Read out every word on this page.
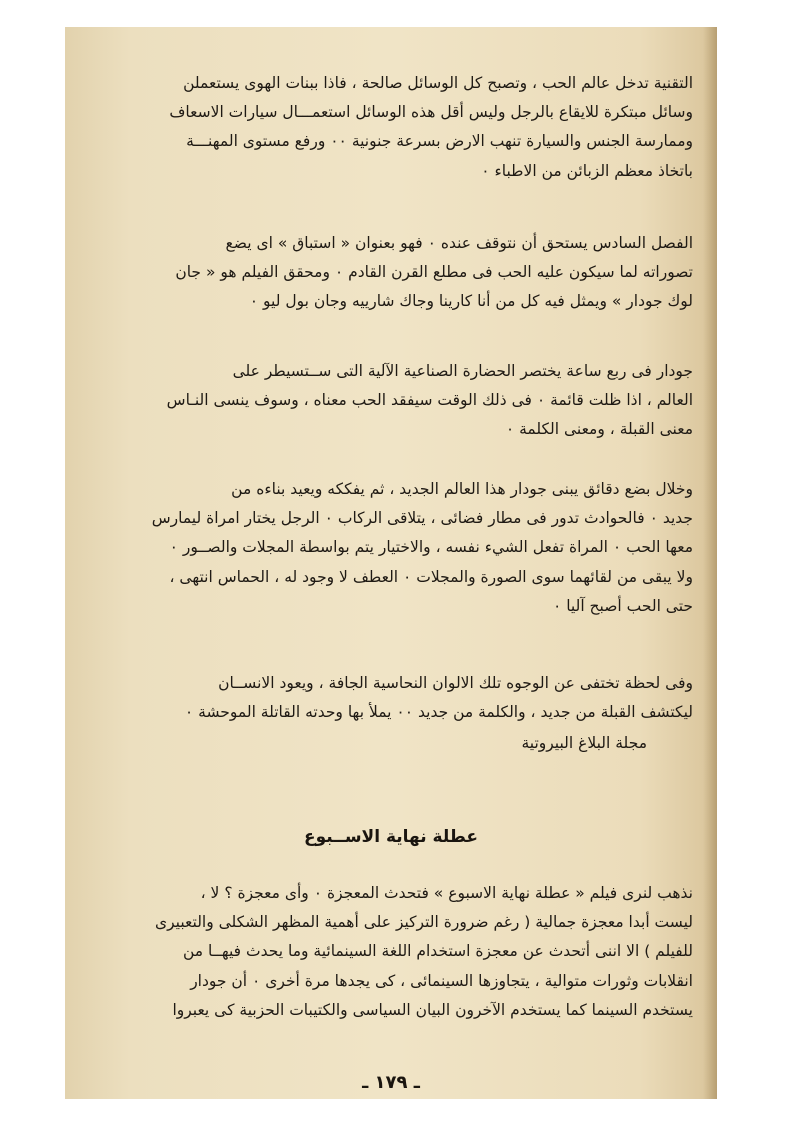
التقنية تدخل عالم الحب ، وتصبح كل الوسائل صالحة ، فاذا ببنات الهوى يستعملن
وسائل مبتكرة للايقاع بالرجل وليس أقل هذه الوسائل استعمـــال سيارات الاسعاف
وممارسة الجنس والسيارة تنهب الارض بسرعة جنونية ٠٠ ورفع مستوى المهنـــة
باتخاذ معظم الزبائن من الاطباء ٠
الفصل السادس يستحق أن نتوقف عنده ٠ فهو بعنوان « استباق » اى يضع
تصوراته لما سيكون عليه الحب فى مطلع القرن القادم ٠ ومحقق الفيلم هو « جان
لوك جودار » ويمثل فيه كل من أنا كارينا وجاك شارييه وجان بول ليو ٠
جودار فى ربع ساعة يختصر الحضارة الصناعية الآلية التى ســتسيطر على
العالم ، اذا ظلت قائمة ٠ فى ذلك الوقت سيفقد الحب معناه ، وسوف ينسى النـاس
معنى القبلة ، ومعنى الكلمة ٠
وخلال بضع دقائق يبنى جودار هذا العالم الجديد ، ثم يفككه ويعيد بناءه من
جديد ٠ فالحوادث تدور فى مطار فضائى ، يتلاقى الركاب ٠ الرجل يختار امراة ليمارس
معها الحب ٠ المراة تفعل الشيء نفسه ، والاختيار يتم بواسطة المجلات والصــور ٠
ولا يبقى من لقائهما سوى الصورة والمجلات ٠ العطف لا وجود له ، الحماس انتهى ،
حتى الحب أصبح آليا ٠
وفى لحظة تختفى عن الوجوه تلك الالوان النحاسية الجافة ، ويعود الانســان
ليكتشف القبلة من جديد ، والكلمة من جديد ٠٠ يملأ بها وحدته القاتلة الموحشة ٠
مجلة البلاغ البيروتية
عطلة نهاية الاســبوع
نذهب لنرى فيلم « عطلة نهاية الاسبوع » فتحدث المعجزة ٠ وأى معجزة ؟ لا ،
ليست أبدا معجزة جمالية ( رغم ضرورة التركيز على أهمية المظهر الشكلى والتعبيرى
للفيلم ) الا اننى أتحدث عن معجزة استخدام اللغة السينمائية وما يحدث فيهــا من
انقلابات وثورات متوالية ، يتجاوزها السينمائى ، كى يجدها مرة أخرى ٠ أن جودار
يستخدم السينما كما يستخدم الآخرون البيان السياسى والكتيبات الحزبية كى يعبروا
ـ ١٧٩ ـ
